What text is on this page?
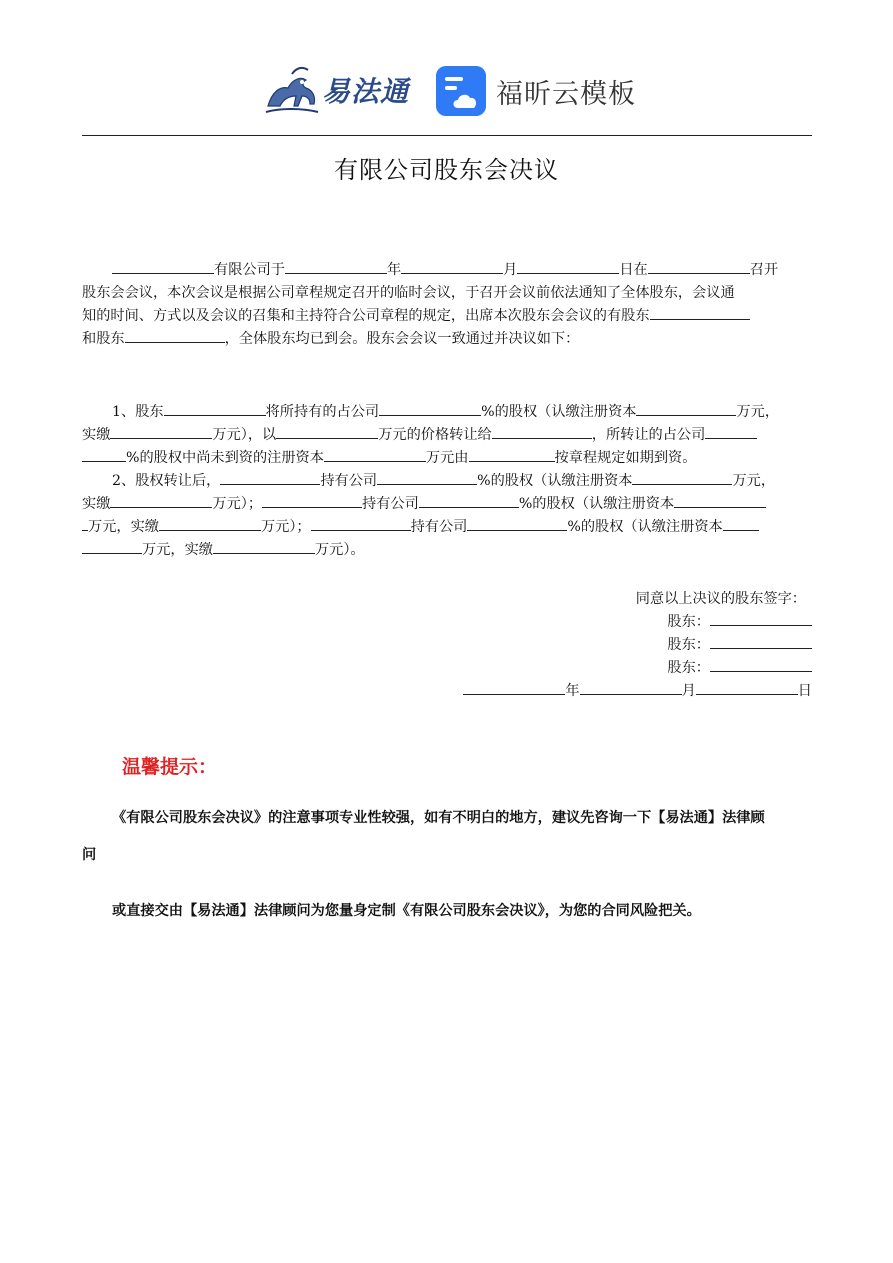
易法通	福昕云模板
有限公司股东会决议
有限公司于	年	月	日在	召开
股东会会议，本次会议是根据公司章程规定召开的临时会议，于召开会议前依法通知了全体股东，会议通
知的时间、方式以及会议的召集和主持符合公司章程的规定，出席本次股东会会议的有股东
和股东	，全体股东均已到会。股东会会议一致通过并决议如下：
1、股东	将所持有的占公司	%的股权（认缴注册资本	万元，
实缴	万元），以	万元的价格转让给	，所转让的占公司
%的股权中尚未到资的注册资本	万元由	按章程规定如期到资。
2、股权转让后，	持有公司	%的股权（认缴注册资本	万元，
实缴	万元）；	持有公司	%的股权（认缴注册资本
万元，实缴	万元）；	持有公司	%的股权（认缴注册资本
万元，实缴	万元）。
同意以上决议的股东签字：
股东：
股东：
股东：
年	月	日
温馨提示：
《有限公司股东会决议》的注意事项专业性较强，如有不明白的地方，建议先咨询一下【易法通】法律顾
问
或直接交由【易法通】法律顾问为您量身定制《有限公司股东会决议》，为您的合同风险把关。
